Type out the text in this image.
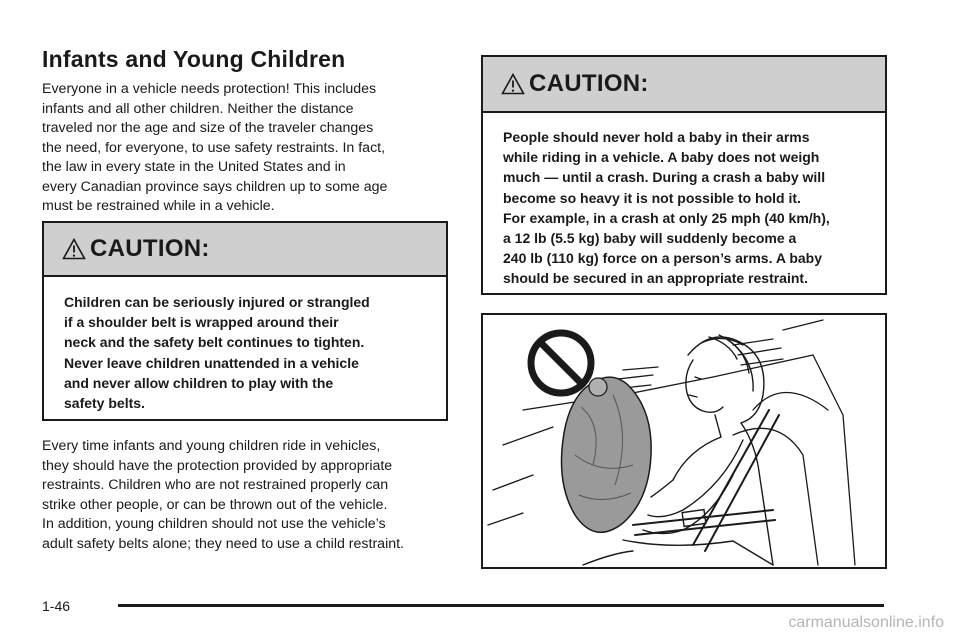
Infants and Young Children

Everyone in a vehicle needs protection! This includes
infants and all other children. Neither the distance
traveled nor the age and size of the traveler changes
the need, for everyone, to use safety restraints. In fact,
the law in every state in the United States and in
every Canadian province says children up to some age
must be restrained while in a vehicle.

CAUTION:

Children can be seriously injured or strangled
if a shoulder belt is wrapped around their
neck and the safety belt continues to tighten.
Never leave children unattended in a vehicle
and never allow children to play with the
safety belts.

Every time infants and young children ride in vehicles,
they should have the protection provided by appropriate
restraints. Children who are not restrained properly can
strike other people, or can be thrown out of the vehicle.
In addition, young children should not use the vehicle’s
adult safety belts alone; they need to use a child restraint.

CAUTION:

People should never hold a baby in their arms
while riding in a vehicle. A baby does not weigh
much — until a crash. During a crash a baby will
become so heavy it is not possible to hold it.
For example, in a crash at only 25 mph (40 km/h),
a 12 lb (5.5 kg) baby will suddenly become a
240 lb (110 kg) force on a person’s arms. A baby
should be secured in an appropriate restraint.

1-46
carmanualsonline.info
